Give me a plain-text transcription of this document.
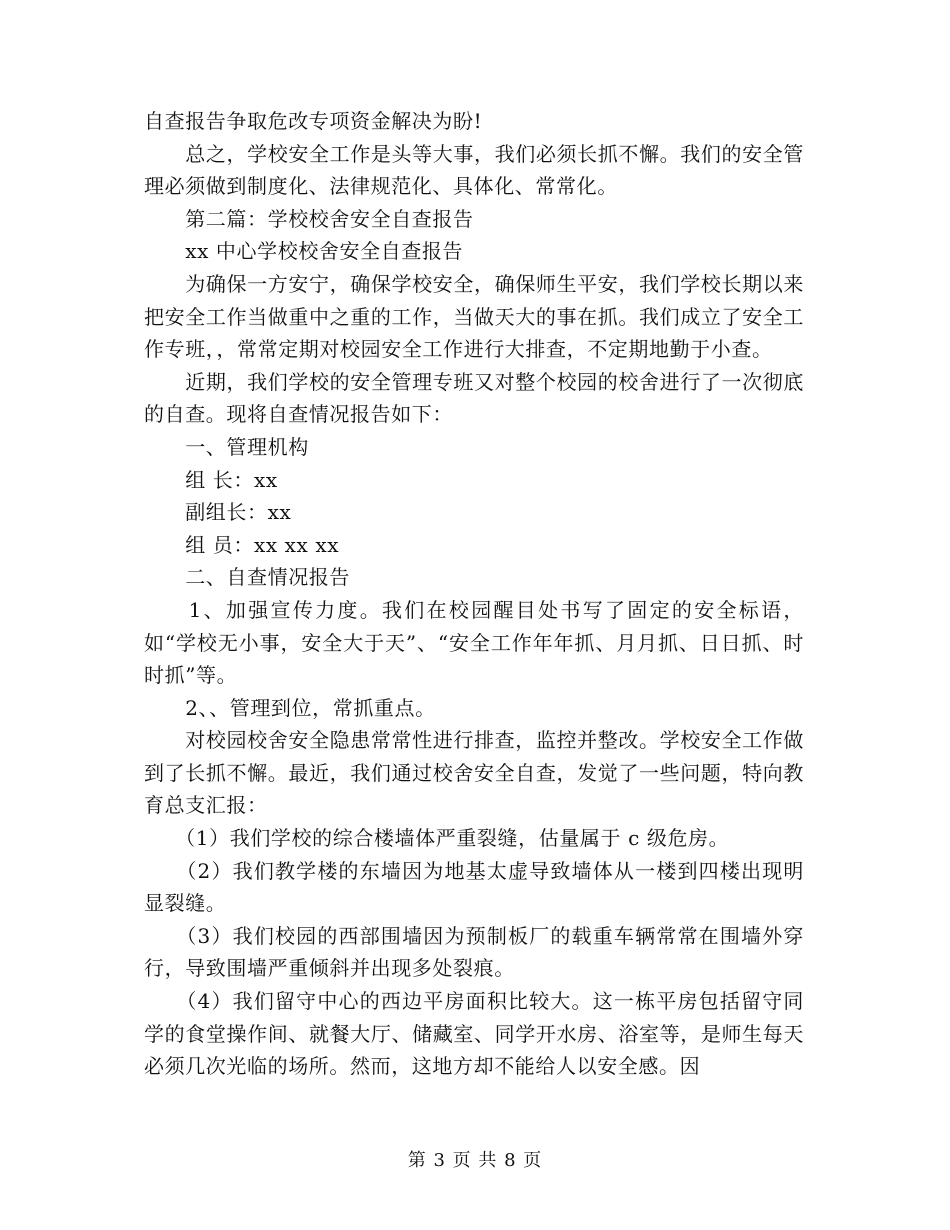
自查报告争取危改专项资金解决为盼!

　　总之，学校安全工作是头等大事，我们必须长抓不懈。我们的安全管理必须做到制度化、法律规范化、具体化、常常化。

　　第二篇：学校校舍安全自查报告

　　xx 中心学校校舍安全自查报告

　　为确保一方安宁，确保学校安全，确保师生平安，我们学校长期以来把安全工作当做重中之重的工作，当做天大的事在抓。我们成立了安全工作专班，，常常定期对校园安全工作进行大排查，不定期地勤于小查。

　　近期，我们学校的安全管理专班又对整个校园的校舍进行了一次彻底的自查。现将自查情况报告如下：

　　一、管理机构

　　组 长：xx

　　副组长：xx

　　组 员：xx xx xx

　　二、自查情况报告

　　1、加强宣传力度。我们在校园醒目处书写了固定的安全标语，如“学校无小事，安全大于天”、“安全工作年年抓、月月抓、日日抓、时时抓”等。

　　2、、管理到位，常抓重点。

　　对校园校舍安全隐患常常性进行排查，监控并整改。学校安全工作做到了长抓不懈。最近，我们通过校舍安全自查，发觉了一些问题，特向教育总支汇报：

　　（1）我们学校的综合楼墙体严重裂缝，估量属于 c 级危房。

　　（2）我们教学楼的东墙因为地基太虚导致墙体从一楼到四楼出现明显裂缝。

　　（3）我们校园的西部围墙因为预制板厂的载重车辆常常在围墙外穿行，导致围墙严重倾斜并出现多处裂痕。

　　（4）我们留守中心的西边平房面积比较大。这一栋平房包括留守同学的食堂操作间、就餐大厅、储藏室、同学开水房、浴室等，是师生每天必须几次光临的场所。然而，这地方却不能给人以安全感。因

第 3 页 共 8 页
